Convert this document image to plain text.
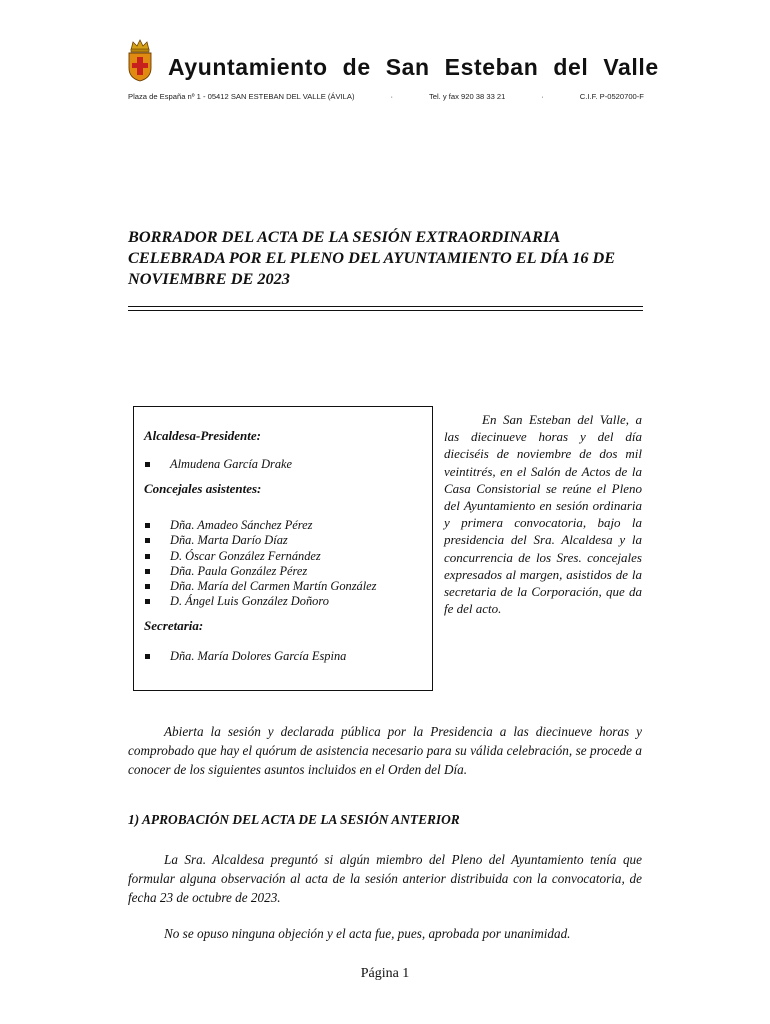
Ayuntamiento de San Esteban del Valle
Plaza de España nº 1 - 05412 SAN ESTEBAN DEL VALLE (ÁVILA)	·	Tel. y fax 920 38 33 21	·	C.I.F. P-0520700-F
BORRADOR DEL ACTA DE LA SESIÓN EXTRAORDINARIA CELEBRADA POR EL PLENO DEL AYUNTAMIENTO EL DÍA 16 DE NOVIEMBRE DE 2023

Alcaldesa-Presidente:

Almudena García Drake

Concejales asistentes:

Dña. Amadeo Sánchez Pérez
Dña. Marta Darío Díaz
D. Óscar González Fernández
Dña. Paula González Pérez
Dña. María del Carmen Martín González
D. Ángel Luis González Doñoro

Secretaria:

Dña. María Dolores García Espina

En San Esteban del Valle, a las diecinueve horas y del día dieciséis de noviembre de dos mil veintitrés, en el Salón de Actos de la Casa Consistorial se reúne el Pleno del Ayuntamiento en sesión ordinaria y primera convocatoria, bajo la presidencia del Sra. Alcaldesa y la concurrencia de los Sres. concejales expresados al margen, asistidos de la secretaria de la Corporación, que da fe del acto.

Abierta la sesión y declarada pública por la Presidencia a las diecinueve horas y comprobado que hay el quórum de asistencia necesario para su válida celebración, se procede a conocer de los siguientes asuntos incluidos en el Orden del Día.

1) APROBACIÓN DEL ACTA DE LA SESIÓN ANTERIOR

La Sra. Alcaldesa preguntó si algún miembro del Pleno del Ayuntamiento tenía que formular alguna observación al acta de la sesión anterior distribuida con la convocatoria, de fecha 23 de octubre de 2023.

No se opuso ninguna objeción y el acta fue, pues, aprobada por unanimidad.

Página 1
